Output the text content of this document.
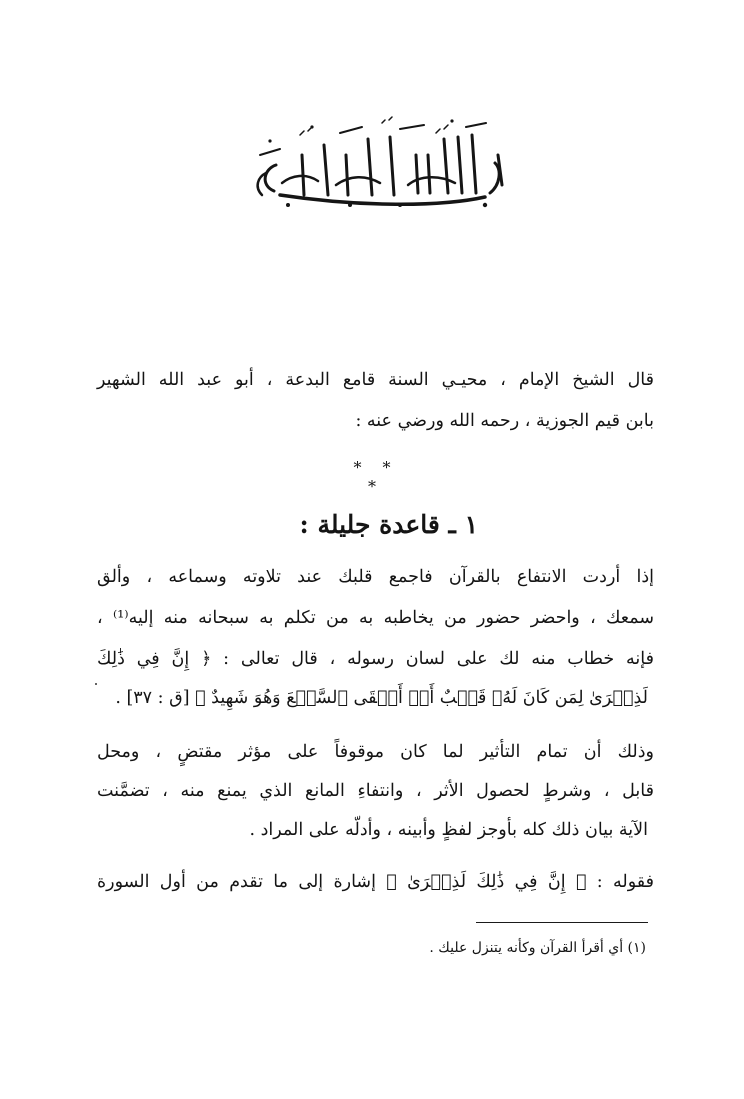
قال الشيخ الإمام ، محيـي السنة قامع البدعة ، أبو عبد الله الشهير
بابن قيم الجوزية ، رحمه الله ورضي عنه :
* * *
١ ـ قاعدة جليلة :
إذا أردت الانتفاع بالقرآن فاجمع قلبك عند تلاوته وسماعه ، وألق
سمعك ، واحضر حضور من يخاطبه به من تكلم به سبحانه منه إليه⁽¹⁾ ،
فإنه خطاب منه لك على لسان رسوله ، قال تعالى : ﴿ إِنَّ فِي ذَٰلِكَ
لَذِكۡرَىٰ لِمَن كَانَ لَهُۥ قَلۡبٌ أَوۡ أَلۡقَى ٱلسَّمۡعَ وَهُوَ شَهِيدٌ ﴾ [ق : ٣٧] .
وذلك أن تمام التأثير لما كان موقوفاً على مؤثر مقتضٍ ، ومحل
قابل ، وشرطٍ لحصول الأثر ، وانتفاءِ المانع الذي يمنع منه ، تضمَّنت
الآية بيان ذلك كله بأوجز لفظٍ وأبينه ، وأدلّه على المراد .
فقوله : ﴿ إِنَّ فِي ذَٰلِكَ لَذِكۡرَىٰ ﴾ إشارة إلى ما تقدم من أول السورة
(١) أي أقرأ القرآن وكأنه يتنزل عليك .
